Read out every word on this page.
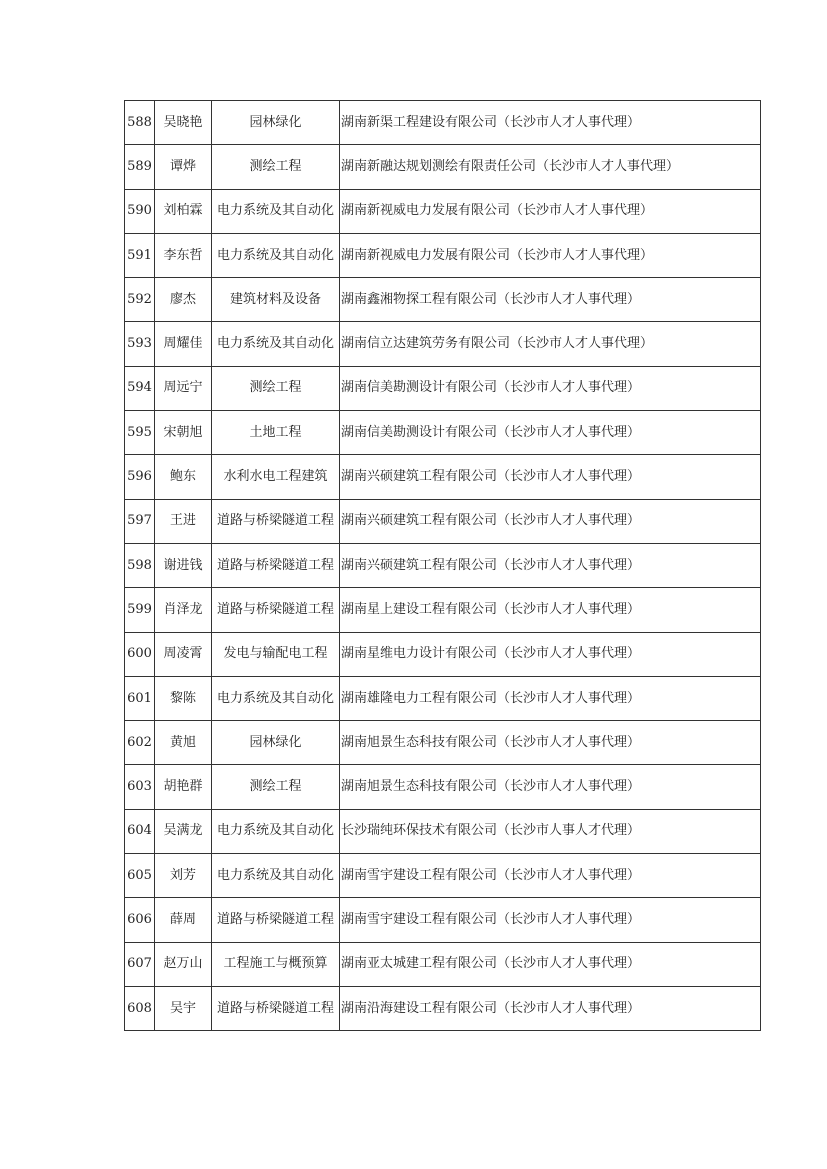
588	吴晓艳	园林绿化	湖南新渠工程建设有限公司（长沙市人才人事代理）
589	谭烨	测绘工程	湖南新融达规划测绘有限责任公司（长沙市人才人事代理）
590	刘柏霖	电力系统及其自动化	湖南新视威电力发展有限公司（长沙市人才人事代理）
591	李东哲	电力系统及其自动化	湖南新视威电力发展有限公司（长沙市人才人事代理）
592	廖杰	建筑材料及设备	湖南鑫湘物探工程有限公司（长沙市人才人事代理）
593	周耀佳	电力系统及其自动化	湖南信立达建筑劳务有限公司（长沙市人才人事代理）
594	周远宁	测绘工程	湖南信美勘测设计有限公司（长沙市人才人事代理）
595	宋朝旭	土地工程	湖南信美勘测设计有限公司（长沙市人才人事代理）
596	鲍东	水利水电工程建筑	湖南兴硕建筑工程有限公司（长沙市人才人事代理）
597	王进	道路与桥梁隧道工程	湖南兴硕建筑工程有限公司（长沙市人才人事代理）
598	谢进钱	道路与桥梁隧道工程	湖南兴硕建筑工程有限公司（长沙市人才人事代理）
599	肖泽龙	道路与桥梁隧道工程	湖南星上建设工程有限公司（长沙市人才人事代理）
600	周凌霄	发电与输配电工程	湖南星维电力设计有限公司（长沙市人才人事代理）
601	黎陈	电力系统及其自动化	湖南雄隆电力工程有限公司（长沙市人才人事代理）
602	黄旭	园林绿化	湖南旭景生态科技有限公司（长沙市人才人事代理）
603	胡艳群	测绘工程	湖南旭景生态科技有限公司（长沙市人才人事代理）
604	吴满龙	电力系统及其自动化	长沙瑞纯环保技术有限公司（长沙市人事人才代理）
605	刘芳	电力系统及其自动化	湖南雪宇建设工程有限公司（长沙市人才人事代理）
606	薛周	道路与桥梁隧道工程	湖南雪宇建设工程有限公司（长沙市人才人事代理）
607	赵万山	工程施工与概预算	湖南亚太城建工程有限公司（长沙市人才人事代理）
608	吴宇	道路与桥梁隧道工程	湖南沿海建设工程有限公司（长沙市人才人事代理）
